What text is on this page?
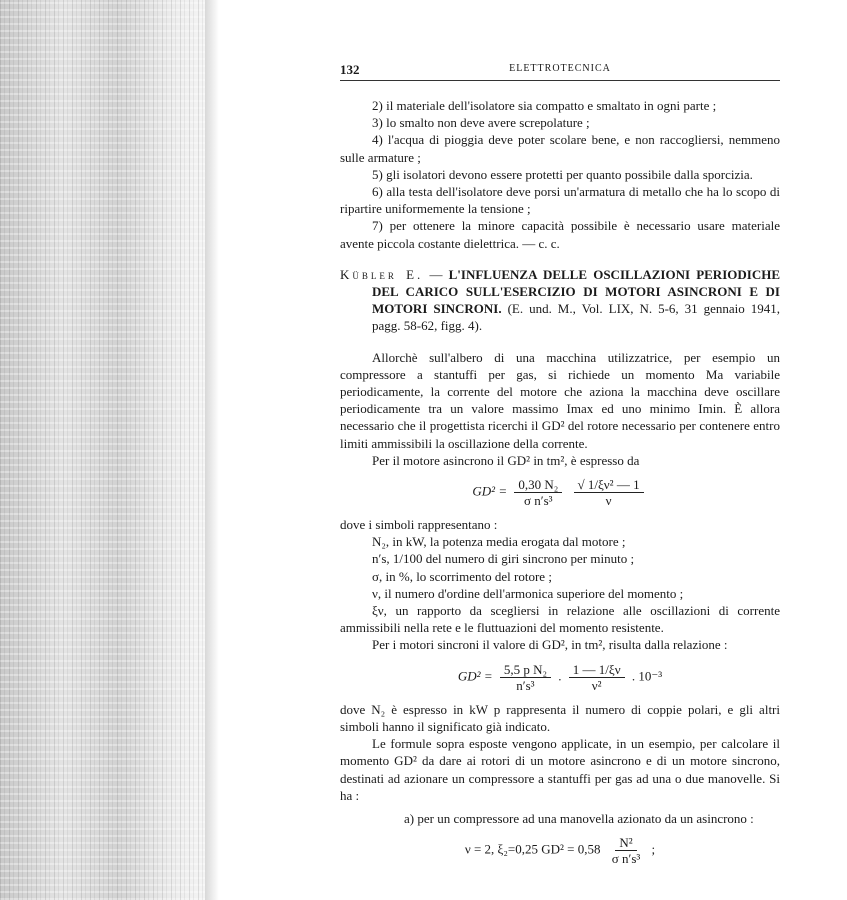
132	ELETTROTECNICA
2) il materiale dell'isolatore sia compatto e smaltato in ogni parte ;
3) lo smalto non deve avere screpolature ;
4) l'acqua di pioggia deve poter scolare bene, e non raccogliersi, nemmeno sulle armature ;
5) gli isolatori devono essere protetti per quanto possibile dalla sporcizia.
6) alla testa dell'isolatore deve porsi un'armatura di metallo che ha lo scopo di ripartire uniformemente la tensione ;
7) per ottenere la minore capacità possibile è necessario usare materiale avente piccola costante dielettrica. — c. c.
Kübler E. — L'INFLUENZA DELLE OSCILLAZIONI PERIODICHE DEL CARICO SULL'ESERCIZIO DI MOTORI ASINCRONI E DI MOTORI SINCRONI. (E. und. M., Vol. LIX, N. 5-6, 31 gennaio 1941, pagg. 58-62, figg. 4).
Allorchè sull'albero di una macchina utilizzatrice, per esempio un compressore a stantuffi per gas, si richiede un momento Ma variabile periodicamente, la corrente del motore che aziona la macchina deve oscillare periodicamente tra un valore massimo Imax ed uno minimo Imin. È allora necessario che il progettista ricerchi il GD² del rotore necessario per contenere entro limiti ammissibili la oscillazione della corrente.
Per il motore asincrono il GD² in tm², è espresso da
$GD^2 = \frac{\text{0,30 N₂}}{\text{σ n′s³}}$
$\frac{\text{√ 1/ξν² — 1}}{\nu}$
dove i simboli rappresentano :
N₂, in kW, la potenza media erogata dal motore ;
n′s, 1/100 del numero di giri sincrono per minuto ;
σ, in %, lo scorrimento del rotore ;
ν, il numero d'ordine dell'armonica superiore del momento ;
ξν, un rapporto da scegliersi in relazione alle oscillazioni di corrente ammissibili nella rete e le fluttuazioni del momento resistente.
Per i motori sincroni il valore di GD², in tm², risulta dalla relazione :
$GD^2 = \frac{\text{5,5 p N₂}}{\text{n′s³}}$ . $\frac{1 — 1/\xi\nu}{\text{ν²}}$ . 10⁻³
dove N₂ è espresso in kW p rappresenta il numero di coppie polari, e gli altri simboli hanno il significato già indicato.
Le formule sopra esposte vengono applicate, in un esempio, per calcolare il momento GD² da dare ai rotori di un motore asincrono e di un motore sincrono, destinati ad azionare un compressore a stantuffi per gas ad una o due manovelle. Si ha :
a) per un compressore ad una manovella azionato da un asincrono :
ν = 2, ξ₂=0,25 $GD^2 = 0,58 \frac{\text{N²}}{\text{σ n′s³}}$ ;
